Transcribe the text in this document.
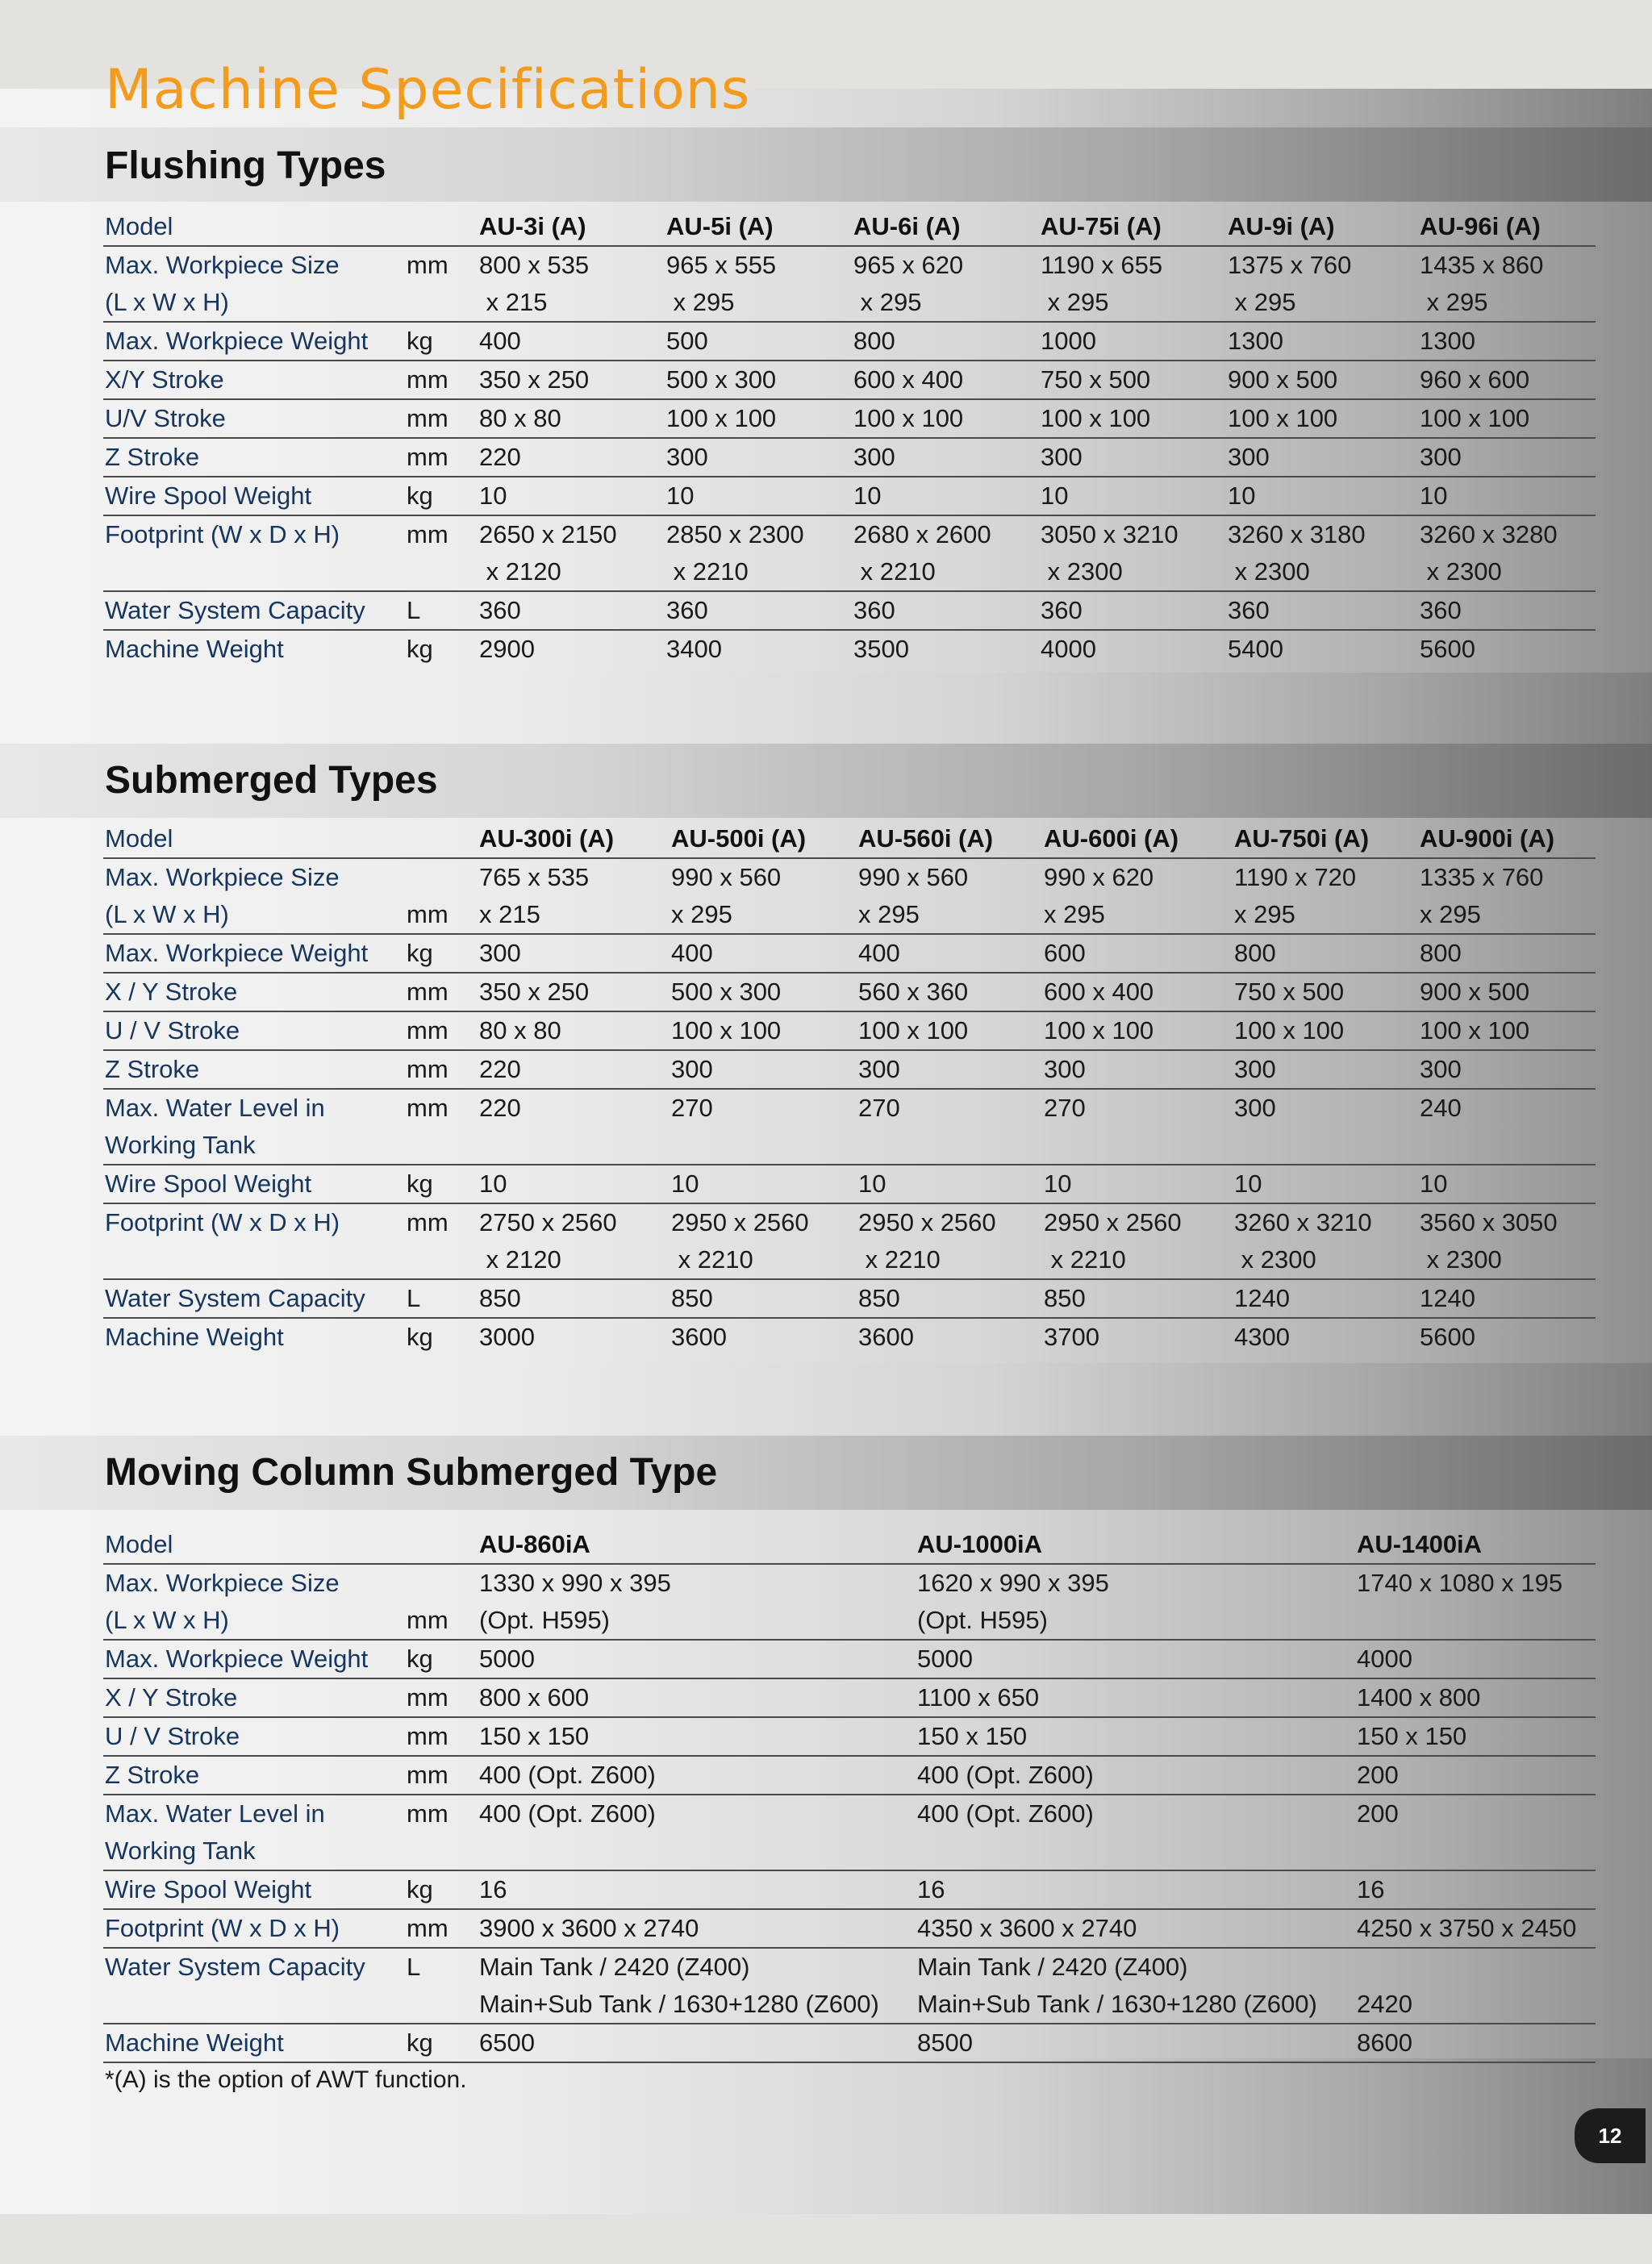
Machine Specifications
Flushing Types
Model		AU-3i (A)	AU-5i (A)	AU-6i (A)	AU-75i (A)	AU-9i (A)	AU-96i (A)	
Max. Workpiece Size	mm	800 x 535	965 x 555	965 x 620	1190 x 655	1375 x 760	1435 x 860	
(L x W x H)		x 215	x 295	x 295	x 295	x 295	x 295	
Max. Workpiece Weight	kg	400	500	800	1000	1300	1300	
X/Y Stroke	mm	350 x 250	500 x 300	600 x 400	750 x 500	900 x 500	960 x 600	
U/V Stroke	mm	80 x 80	100 x 100	100 x 100	100 x 100	100 x 100	100 x 100	
Z Stroke	mm	220	300	300	300	300	300	
Wire Spool Weight	kg	10	10	10	10	10	10	
Footprint (W x D x H)	mm	2650 x 2150	2850 x 2300	2680 x 2600	3050 x 3210	3260 x 3180	3260 x 3280	
		x 2120	x 2210	x 2210	x 2300	x 2300	x 2300	
Water System Capacity	L	360	360	360	360	360	360	
Machine Weight	kg	2900	3400	3500	4000	5400	5600	
Submerged Types
Model		AU-300i (A)	AU-500i (A)	AU-560i (A)	AU-600i (A)	AU-750i (A)	AU-900i (A)	
Max. Workpiece Size		765 x 535	990 x 560	990 x 560	990 x 620	1190 x 720	1335 x 760	
(L x W x H)	mm	x 215	x 295	x 295	x 295	x 295	x 295	
Max. Workpiece Weight	kg	300	400	400	600	800	800	
X / Y Stroke	mm	350 x 250	500 x 300	560 x 360	600 x 400	750 x 500	900 x 500	
U / V Stroke	mm	80 x 80	100 x 100	100 x 100	100 x 100	100 x 100	100 x 100	
Z Stroke	mm	220	300	300	300	300	300	
Max. Water Level in	mm	220	270	270	270	300	240	
Working Tank								
Wire Spool Weight	kg	10	10	10	10	10	10	
Footprint (W x D x H)	mm	2750 x 2560	2950 x 2560	2950 x 2560	2950 x 2560	3260 x 3210	3560 x 3050	
		x 2120	x 2210	x 2210	x 2210	x 2300	x 2300	
Water System Capacity	L	850	850	850	850	1240	1240	
Machine Weight	kg	3000	3600	3600	3700	4300	5600	
Moving Column Submerged Type
Model		AU-860iA	AU-1000iA	AU-1400iA	
Max. Workpiece Size		1330 x 990 x 395	1620 x 990 x 395	1740 x 1080 x 195	
(L x W x H)	mm	(Opt. H595)	(Opt. H595)		
Max. Workpiece Weight	kg	5000	5000	4000	
X / Y Stroke	mm	800 x 600	1100 x 650	1400 x 800	
U / V Stroke	mm	150 x 150	150 x 150	150 x 150	
Z Stroke	mm	400 (Opt. Z600)	400 (Opt. Z600)	200	
Max. Water Level in	mm	400 (Opt. Z600)	400 (Opt. Z600)	200	
Working Tank					
Wire Spool Weight	kg	16	16	16	
Footprint (W x D x H)	mm	3900 x 3600 x 2740	4350 x 3600 x 2740	4250 x 3750 x 2450	
Water System Capacity	L	Main Tank / 2420 (Z400)	Main Tank / 2420 (Z400)		
		Main+Sub Tank / 1630+1280 (Z600)	Main+Sub Tank / 1630+1280 (Z600)	2420	
Machine Weight	kg	6500	8500	8600	

*(A) is the option of AWT function.

12
